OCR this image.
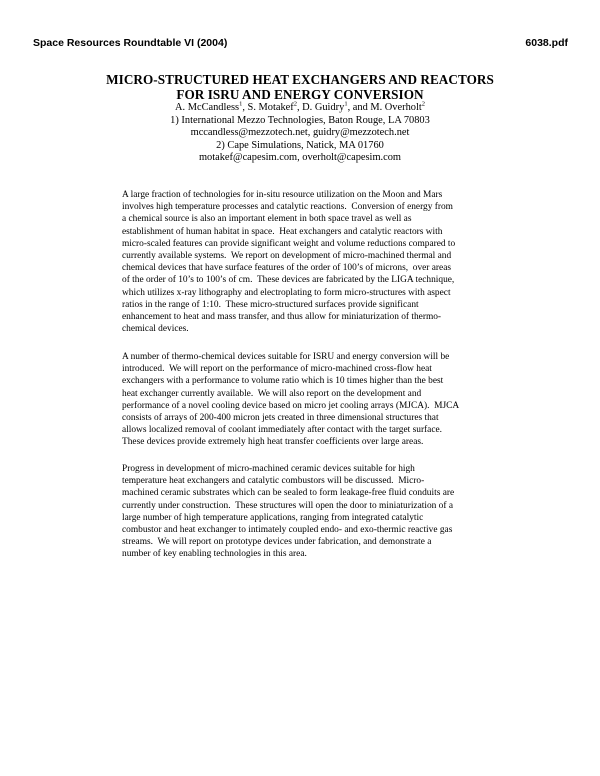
Space Resources Roundtable VI (2004)	6038.pdf
MICRO-STRUCTURED HEAT EXCHANGERS AND REACTORS
FOR ISRU AND ENERGY CONVERSION
A. McCandless$^1$, S. Motakef$^2$, D. Guidry$^1$, and M. Overholt$^2$
1) International Mezzo Technologies, Baton Rouge, LA 70803
mccandless@mezzotech.net, guidry@mezzotech.net
2) Cape Simulations, Natick, MA 01760
motakef@capesim.com, overholt@capesim.com
A large fraction of technologies for in-situ resource utilization on the Moon and Mars
involves high temperature processes and catalytic reactions.  Conversion of energy from
a chemical source is also an important element in both space travel as well as
establishment of human habitat in space.  Heat exchangers and catalytic reactors with
micro-scaled features can provide significant weight and volume reductions compared to
currently available systems.  We report on development of micro-machined thermal and
chemical devices that have surface features of the order of 100’s of microns,  over areas
of the order of 10’s to 100’s of cm.  These devices are fabricated by the LIGA technique,
which utilizes x-ray lithography and electroplating to form micro-structures with aspect
ratios in the range of 1:10.  These micro-structured surfaces provide significant
enhancement to heat and mass transfer, and thus allow for miniaturization of thermo-
chemical devices.
A number of thermo-chemical devices suitable for ISRU and energy conversion will be
introduced.  We will report on the performance of micro-machined cross-flow heat
exchangers with a performance to volume ratio which is 10 times higher than the best
heat exchanger currently available.  We will also report on the development and
performance of a novel cooling device based on micro jet cooling arrays (MJCA).  MJCA
consists of arrays of 200-400 micron jets created in three dimensional structures that
allows localized removal of coolant immediately after contact with the target surface.
These devices provide extremely high heat transfer coefficients over large areas.
Progress in development of micro-machined ceramic devices suitable for high
temperature heat exchangers and catalytic combustors will be discussed.  Micro-
machined ceramic substrates which can be sealed to form leakage-free fluid conduits are
currently under construction.  These structures will open the door to miniaturization of a
large number of high temperature applications, ranging from integrated catalytic
combustor and heat exchanger to intimately coupled endo- and exo-thermic reactive gas
streams.  We will report on prototype devices under fabrication, and demonstrate a
number of key enabling technologies in this area.
